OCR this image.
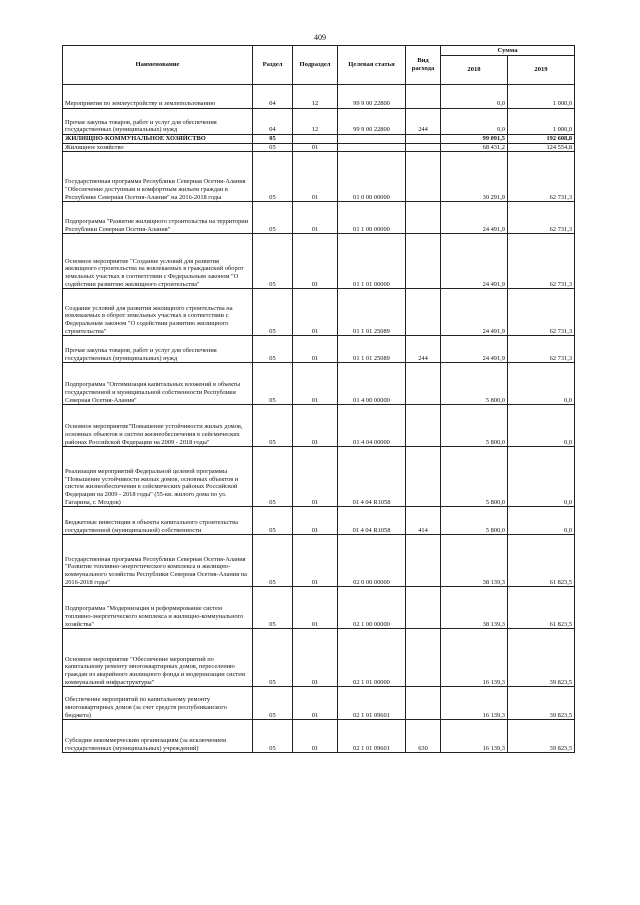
409
Наименование	Раздел	Подраздел	Целевая статья	Вид расхода	Сумма	
					2018	2019
Мероприятия по землеустройству и землепользованию	04	12	99 9 00 22800		0,0	1 000,0
Прочая закупка товаров, работ и услуг для обеспечения государственных (муниципальных) нужд	04	12	99 9 00 22800	244	0,0	1 000,0
ЖИЛИЩНО-КОММУНАЛЬНОЕ ХОЗЯЙСТВО	05				99 091,5	192 608,8
Жилищное хозяйство	05	01			68 431,2	124 554,8
Государственная программа Республики Северная Осетия-Алания "Обеспечение доступным и комфортным жильем граждан в Республике Северная Осетия-Алания" на 2016-2018 годы	05	01	01 0 00 00000		30 291,9	62 731,3
Подпрограмма "Развитие жилищного строительства на территории Республики Северная Осетия-Алания"	05	01	01 1 00 00000		24 491,9	62 731,3
Основное мероприятие "Создание условий для развития жилищного строительства на вовлекаемых в гражданский оборот земельных участках в соответствии с Федеральным законом "О содействии развитию жилищного строительства"	05	01	01 1 01 00000		24 491,9	62 731,3
Создание условий для развития жилищного строительства на вовлекаемых в оборот земельных участках в соответствии с Федеральным законом "О содействии развитию жилищного строительства"	05	01	01 1 01 25089		24 491,9	62 731,3
Прочая закупка товаров, работ и услуг для обеспечения государственных (муниципальных) нужд	05	01	01 1 01 25089	244	24 491,9	62 731,3
Подпрограмма "Оптимизация капитальных вложений в объекты государственной и муниципальной собственности Республики Северная Осетия-Алания"	05	01	01 4 00 00000		5 800,0	0,0
Основное мероприятие"Повышение устойчивости жилых домов, основных объектов и систем жизнеобеспечения в сейсмических районах Российской Федерации на 2009 - 2018 годы"	05	01	01 4 04 00000		5 800,0	0,0
Реализация мероприятий Федеральной целевой программы "Повышение устойчивости жилых домов, основных объектов и систем жизнеобеспечения в сейсмических районах Российской Федерации на 2009 - 2018 годы" (55-кв. жилого дома по ул. Гагарина, г. Моздок)	05	01	01 4 04 R1058		5 800,0	0,0
Бюджетные инвестиции в объекты капитального строительства государственной (муниципальной) собственности	05	01	01 4 04 R1058	414	5 800,0	0,0
Государственная программа Республики Северная Осетия-Алания "Развитие топливно-энергетического комплекса и жилищно-коммунального хозяйства Республики Северная Осетия-Алания на 2016-2018 годы"	05	01	02 0 00 00000		38 139,3	61 823,5
Подпрограмма "Модернизация и реформирование систем топливно-энергетического комплекса и жилищно-коммунального хозяйства"	05	01	02 1 00 00000		38 139,3	61 823,5
Основное мероприятие "Обеспечение мероприятий по капитальному ремонту многоквартирных домов, переселению граждан из аварийного жилищного фонда и модернизации систем коммунальной инфраструктуры"	05	01	02 1 01 00000		16 139,3	39 823,5
Обеспечение мероприятий по капитальному ремонту многоквартирных домов (за счет средств республиканского бюджета)	05	01	02 1 01 09601		16 139,3	39 823,5
Субсидии некоммерческим организациям (за исключением государственных (муниципальных) учреждений)	05	01	02 1 01 09601	630	16 139,3	39 823,5
